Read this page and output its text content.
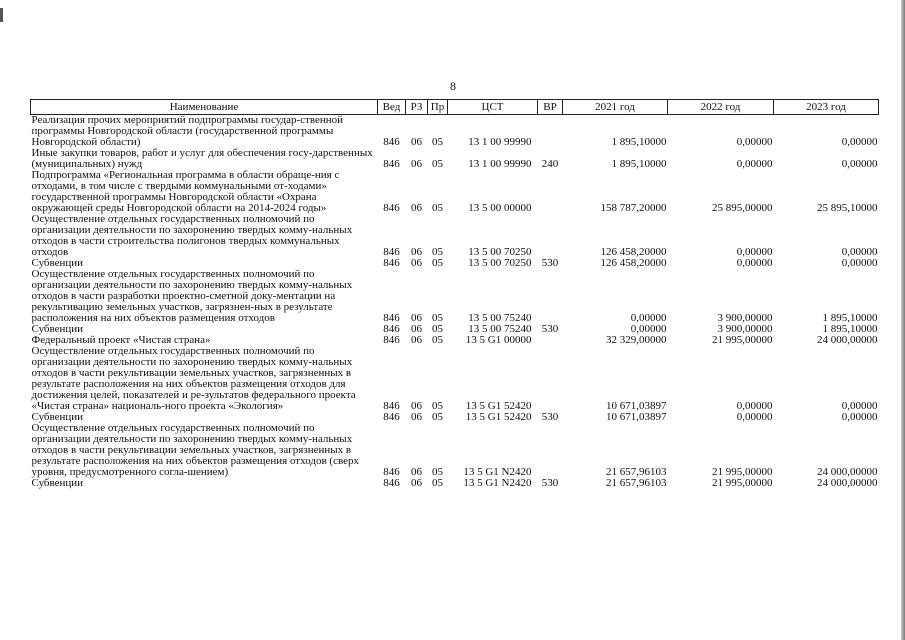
8
Наименование	Вед	РЗ	Пр	ЦСТ	ВР	2021 год	2022 год	2023 год
Реализация прочих мероприятий подпрограммы государ-ственной программы Новгородской области (государственной программы Новгородской области)	846	06	05	13 1 00 99990		1 895,10000	0,00000	0,00000
Иные закупки товаров, работ и услуг для обеспечения госу-дарственных (муниципальных) нужд	846	06	05	13 1 00 99990	240	1 895,10000	0,00000	0,00000
Подпрограмма «Региональная программа в области обраще-ния с отходами, в том числе с твердыми коммунальными от-ходами» государственной программы Новгородской области «Охрана окружающей среды Новгородской области на 2014-2024 годы»	846	06	05	13 5 00 00000		158 787,20000	25 895,00000	25 895,10000
Осуществление отдельных государственных полномочий по организации деятельности по захоронению твердых комму-нальных отходов в части строительства полигонов твердых коммунальных отходов	846	06	05	13 5 00 70250		126 458,20000	0,00000	0,00000
Субвенции	846	06	05	13 5 00 70250	530	126 458,20000	0,00000	0,00000
Осуществление отдельных государственных полномочий по организации деятельности по захоронению твердых комму-нальных отходов в части разработки проектно-сметной доку-ментации на рекультивацию земельных участков, загрязнен-ных в результате расположения на них объектов размещения отходов	846	06	05	13 5 00 75240		0,00000	3 900,00000	1 895,10000
Субвенции	846	06	05	13 5 00 75240	530	0,00000	3 900,00000	1 895,10000
Федеральный проект «Чистая страна»	846	06	05	13 5 G1 00000		32 329,00000	21 995,00000	24 000,00000
Осуществление отдельных государственных полномочий по организации деятельности по захоронению твердых комму-нальных отходов в части рекультивации земельных участков, загрязненных в результате расположения на них объектов размещения отходов для достижения целей, показателей и ре-зультатов федерального проекта «Чистая страна» националь-ного проекта «Экология»	846	06	05	13 5 G1 52420		10 671,03897	0,00000	0,00000
Субвенции	846	06	05	13 5 G1 52420	530	10 671,03897	0,00000	0,00000
Осуществление отдельных государственных полномочий по организации деятельности по захоронению твердых комму-нальных отходов в части рекультивации земельных участков, загрязненных в результате расположения на них объектов размещения отходов (сверх уровня, предусмотренного согла-шением)	846	06	05	13 5 G1 N2420		21 657,96103	21 995,00000	24 000,00000
Субвенции	846	06	05	13 5 G1 N2420	530	21 657,96103	21 995,00000	24 000,00000
